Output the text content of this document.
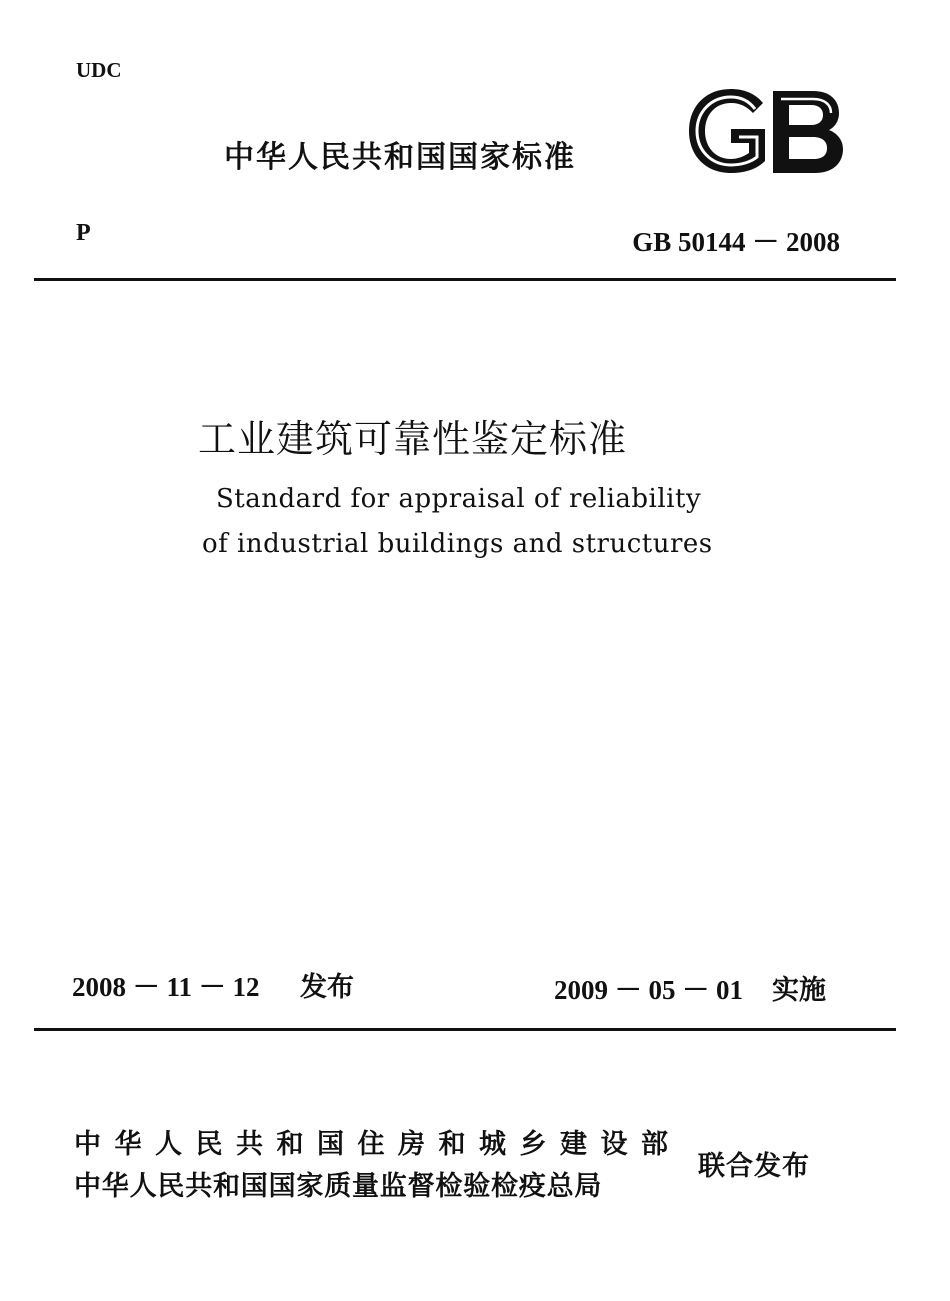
UDC
中华人民共和国国家标准
P	GB 50144 － 2008
工业建筑可靠性鉴定标准
Standard for appraisal of reliability
of industrial buildings and structures
2008 － 11 － 12 发布	2009 － 05 － 01 实施
中华人民共和国住房和城乡建设部
中华人民共和国国家质量监督检验检疫总局
联合发布
